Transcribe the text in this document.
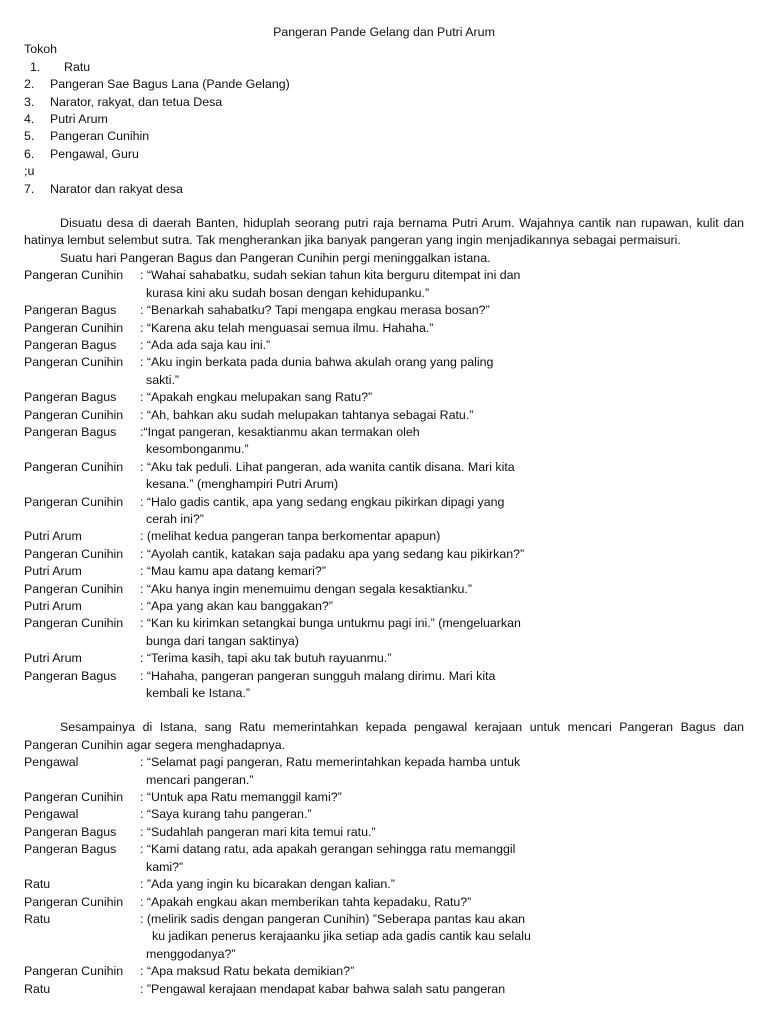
Pangeran Pande Gelang dan Putri Arum
Tokoh
1.	Ratu
2.	Pangeran Sae Bagus Lana (Pande Gelang)
3.	Narator, rakyat, dan tetua Desa
4.	Putri Arum
5.	Pangeran Cunihin
6.	Pengawal, Guru
;u
7.	Narator dan rakyat desa

Disuatu desa di daerah Banten, hiduplah seorang putri raja bernama Putri Arum. Wajahnya cantik nan rupawan, kulit dan hatinya lembut selembut sutra. Tak mengherankan jika banyak pangeran yang ingin menjadikannya sebagai permaisuri.

Suatu hari Pangeran Bagus dan Pangeran Cunihin pergi meninggalkan istana.

Pangeran Cunihin	: “Wahai sahabatku, sudah sekian tahun kita berguru ditempat ini dan
kurasa kini aku sudah bosan dengan kehidupanku.”
Pangeran Bagus	: “Benarkah sahabatku? Tapi mengapa engkau merasa bosan?”
Pangeran Cunihin	: “Karena aku telah menguasai semua ilmu. Hahaha.”
Pangeran Bagus	: “Ada ada saja kau ini.”
Pangeran Cunihin	: “Aku ingin berkata pada dunia bahwa akulah orang yang paling
sakti.”
Pangeran Bagus	: “Apakah engkau melupakan sang Ratu?”
Pangeran Cunihin	: “Ah, bahkan aku sudah melupakan tahtanya sebagai Ratu.”
Pangeran Bagus	:“Ingat pangeran, kesaktianmu akan termakan oleh
kesombonganmu.”
Pangeran Cunihin	: “Aku tak peduli. Lihat pangeran, ada wanita cantik disana. Mari kita
kesana.” (menghampiri Putri Arum)
Pangeran Cunihin	: “Halo gadis cantik, apa yang sedang engkau pikirkan dipagi yang
cerah ini?”
Putri Arum	: (melihat kedua pangeran tanpa berkomentar apapun)
Pangeran Cunihin	: “Ayolah cantik, katakan saja padaku apa yang sedang kau pikirkan?”
Putri Arum	: “Mau kamu apa datang kemari?”
Pangeran Cunihin	: “Aku hanya ingin menemuimu dengan segala kesaktianku.”
Putri Arum	: “Apa yang akan kau banggakan?”
Pangeran Cunihin	: “Kan ku kirimkan setangkai bunga untukmu pagi ini.” (mengeluarkan
bunga dari tangan saktinya)
Putri Arum	: “Terima kasih, tapi aku tak butuh rayuanmu.”
Pangeran Bagus	: “Hahaha, pangeran pangeran sungguh malang dirimu. Mari kita
kembali ke Istana.”

Sesampainya di Istana, sang Ratu memerintahkan kepada pengawal kerajaan untuk mencari Pangeran Bagus dan Pangeran Cunihin agar segera menghadapnya.

Pengawal	: “Selamat pagi pangeran, Ratu memerintahkan kepada hamba untuk
mencari pangeran.”
Pangeran Cunihin	: “Untuk apa Ratu memanggil kami?”
Pengawal	: “Saya kurang tahu pangeran.”
Pangeran Bagus	: “Sudahlah pangeran mari kita temui ratu.”
Pangeran Bagus	: “Kami datang ratu, ada apakah gerangan sehingga ratu memanggil
kami?”
Ratu	: ”Ada yang ingin ku bicarakan dengan kalian.”
Pangeran Cunihin	: “Apakah engkau akan memberikan tahta kepadaku, Ratu?”
Ratu	: (melirik sadis dengan pangeran Cunihin) ”Seberapa pantas kau akan
ku jadikan penerus kerajaanku jika setiap ada gadis cantik kau selalu
menggodanya?”
Pangeran Cunihin	: “Apa maksud Ratu bekata demikian?”
Ratu	: ”Pengawal kerajaan mendapat kabar bahwa salah satu pangeran
